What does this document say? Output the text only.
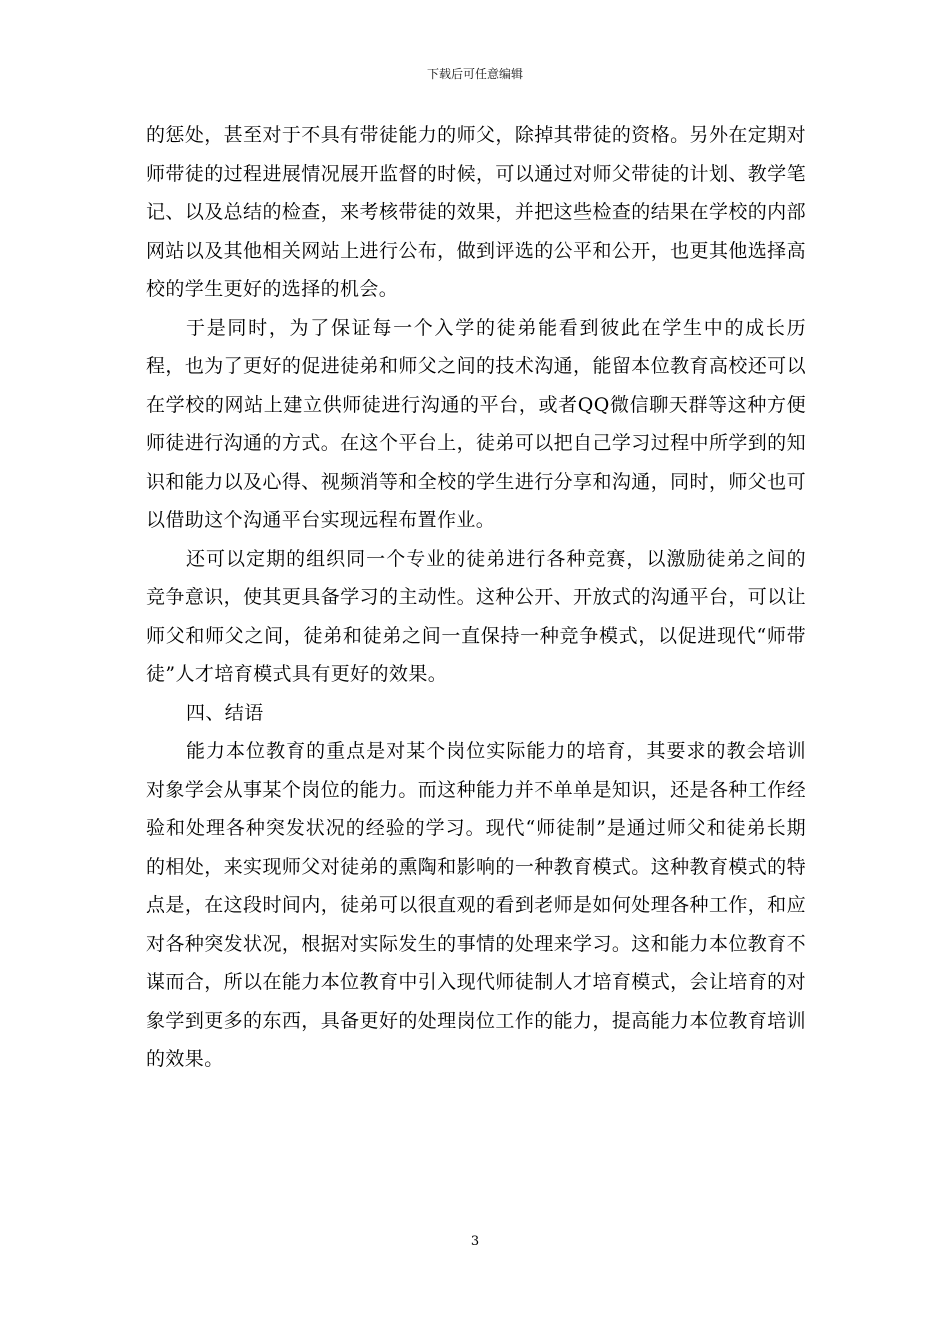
下载后可任意编辑

的惩处，甚至对于不具有带徒能力的师父，除掉其带徒的资格。另外在定期对师带徒的过程进展情况展开监督的时候，可以通过对师父带徒的计划、教学笔记、以及总结的检查，来考核带徒的效果，并把这些检查的结果在学校的内部网站以及其他相关网站上进行公布，做到评选的公平和公开，也更其他选择高校的学生更好的选择的机会。

于是同时，为了保证每一个入学的徒弟能看到彼此在学生中的成长历程，也为了更好的促进徒弟和师父之间的技术沟通，能留本位教育高校还可以在学校的网站上建立供师徒进行沟通的平台，或者QQ微信聊天群等这种方便师徒进行沟通的方式。在这个平台上，徒弟可以把自己学习过程中所学到的知识和能力以及心得、视频消等和全校的学生进行分享和沟通，同时，师父也可以借助这个沟通平台实现远程布置作业。

还可以定期的组织同一个专业的徒弟进行各种竞赛，以激励徒弟之间的竞争意识，使其更具备学习的主动性。这种公开、开放式的沟通平台，可以让师父和师父之间，徒弟和徒弟之间一直保持一种竞争模式，以促进现代“师带徒”人才培育模式具有更好的效果。

四、结语

能力本位教育的重点是对某个岗位实际能力的培育，其要求的教会培训对象学会从事某个岗位的能力。而这种能力并不单单是知识，还是各种工作经验和处理各种突发状况的经验的学习。现代“师徒制”是通过师父和徒弟长期的相处，来实现师父对徒弟的熏陶和影响的一种教育模式。这种教育模式的特点是，在这段时间内，徒弟可以很直观的看到老师是如何处理各种工作，和应对各种突发状况，根据对实际发生的事情的处理来学习。这和能力本位教育不谋而合，所以在能力本位教育中引入现代师徒制人才培育模式，会让培育的对象学到更多的东西，具备更好的处理岗位工作的能力，提高能力本位教育培训的效果。

3
